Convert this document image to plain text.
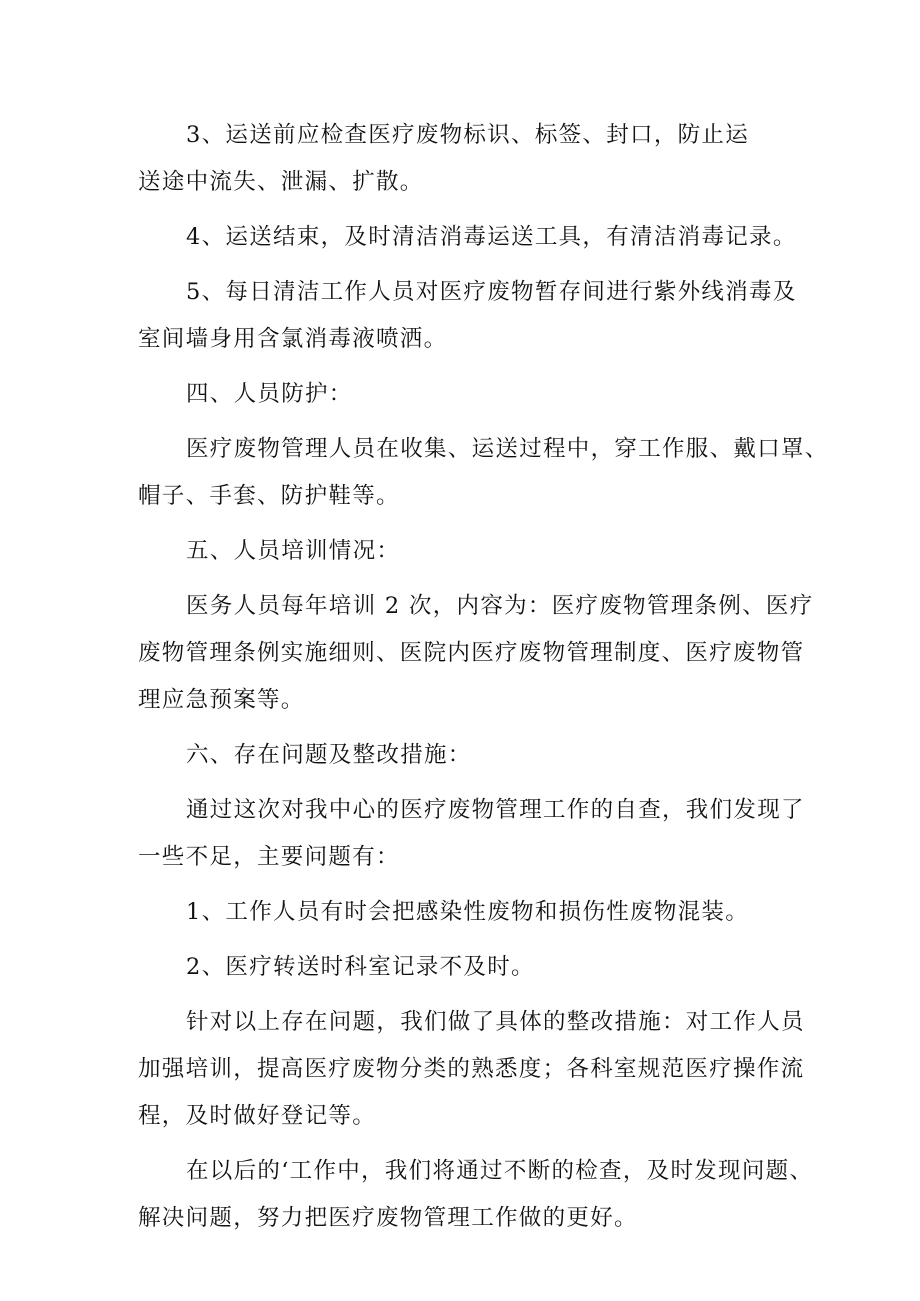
3、运送前应检查医疗废物标识、标签、封口，防止运
送途中流失、泄漏、扩散。

4、运送结束，及时清洁消毒运送工具，有清洁消毒记录。

5、每日清洁工作人员对医疗废物暂存间进行紫外线消毒及
室间墙身用含氯消毒液喷洒。

四、人员防护：

医疗废物管理人员在收集、运送过程中，穿工作服、戴口罩、
帽子、手套、防护鞋等。

五、人员培训情况：

医务人员每年培训 2 次，内容为：医疗废物管理条例、医疗
废物管理条例实施细则、医院内医疗废物管理制度、医疗废物管
理应急预案等。

六、存在问题及整改措施：

通过这次对我中心的医疗废物管理工作的自查，我们发现了
一些不足，主要问题有：

1、工作人员有时会把感染性废物和损伤性废物混装。

2、医疗转送时科室记录不及时。

针对以上存在问题，我们做了具体的整改措施：对工作人员
加强培训，提高医疗废物分类的熟悉度；各科室规范医疗操作流
程，及时做好登记等。

在以后的‘工作中，我们将通过不断的检查，及时发现问题、
解决问题，努力把医疗废物管理工作做的更好。
